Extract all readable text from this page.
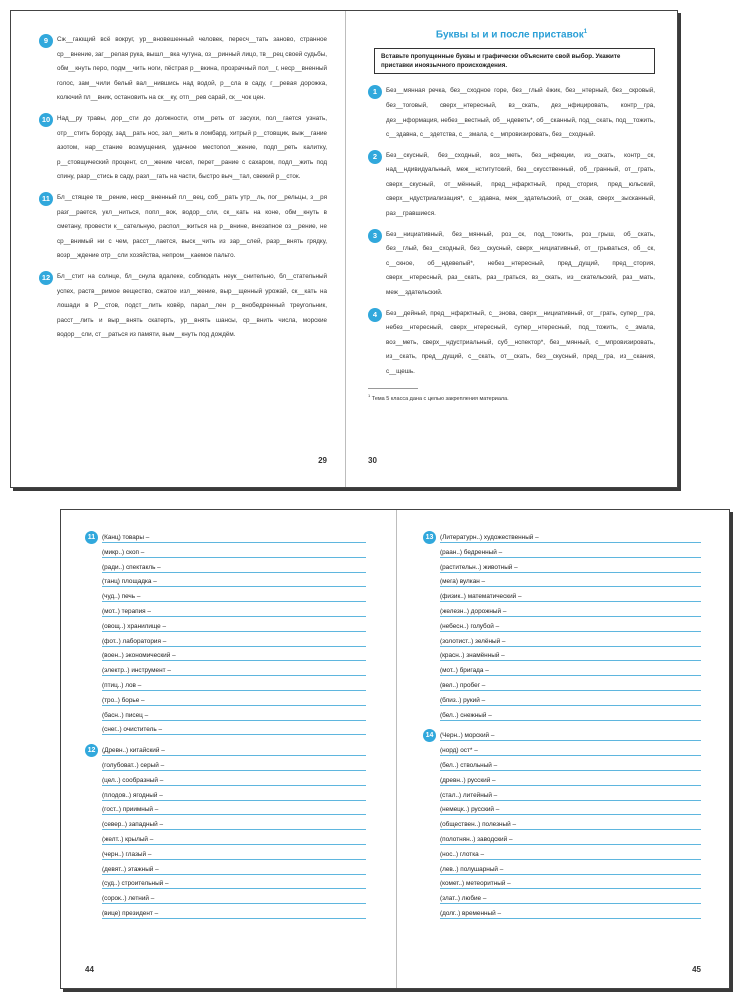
9	Сж__гающий всё вокруг, ур__вновешенный человек, пересч__тать заново, странное ср__внение, заг__релая рука, вышл__вка чутуна, оз__ринный лицо, тв__рец своей судьбы, обм__кнуть перо, подм__чить ноги, пёстрая р__вкина, прозрачный пол__г, неср__вненный голос, зам__чили белый вал__нившись над водой, р__сла в саду, г__ревая дорожка, колючий пл__вник, остановить на ск__ку, отп__рев сарай, ск__чок цен.
10	Над__ру травы, дор__сти до должности, отм__реть от засухи, пол__гается узнать, отр__стить бороду, зад__рать нос, зал__жить в ломбард, хитрый р__стовщик, выж__гание азотом, нар__стание возмущения, удачное местопол__жение, подп__реть калитку, р__стовщический процент, сл__жение чисел, перет__рание с сахаром, подл__жить под спину, разр__стись в саду, разл__гать на части, быстро выч__тал, свежий р__сток.
11	Бл__стящее тв__рение, неср__вненный пл__вец, соб__рать утр__ль, пог__рельцы, з__ря разг__рается, укл__ниться, попл__вок, водор__сли, ск__кать на коне, обм__кнуть в сметану, провести к__сательную, распол__житься на р__внине, внезапное оз__рение, не ср__внимый ни с чем, расст__лается, выск__чить из зар__слей, разр__внять грядку, возр__ждение отр__сли хозяйства, непром__каемое пальто.
12	Бл__стит на солнце, бл__снула вдалеке, соблюдать неук__снительно, бл__стательный успех, раств__римое вещество, сжатое изл__жение, выр__щенный урожай, ск__кать на лошади в Р__стов, подст__лить ковёр, парал__лен р__внобедренный треугольник, расст__лить и выр__внять скатерть, ур__внять шансы, ср__внить числа, морские водор__сли, ст__раться из памяти, вым__кнуть под дождём.
29
Буквы ы и и после приставок$^1$
Вставьте пропущенные буквы и графически объясните свой выбор. Укажите приставки иноязычного происхождения.
1	Без__мянная речка, без__сходное горе, без__глый ёжик, без__нтерный, без__скровый, без__тоговый, сверх__нтересный, вз__скать, дез__нфицировать, контр__гра, дез__нформация, небез__вестный, об__ндеветь*, об__сканный, под__скать, под__тожить, с__здавна, с__здетства, с__змала, с__мпровизировать, без__сходный.
2	Без__скусный, без__сходный, воз__меть, без__нфекции, из__скать, контр__ск, над__ндивидуальный, меж__нститутский, без__скусственный, об__гранный, от__грать, сверх__скусный, от__мённый, пред__нфарктный, пред__стория, пред__юльский, сверх__ндустриализация*, с__здавна, меж__здательский, от__скав, сверх__зысканный, раз__грaвшиеся.
3	Без__нициативный, без__мянный, роз__ск, под__тожить, роз__грыш, об__скать, без__глый, без__сходный, без__скусный, сверх__нициативный, от__грываться, об__ск, с__скное, об__ндевелый*, небез__нтересный, пред__дущий, пред__стория, сверх__нтересный, раз__скать, раз__гратьcя, вз__скать, из__скательский, раз__мать, меж__здательский.
4	Без__дейный, пред__нфарктный, с__знова, сверх__нициативный, от__грать, супер__гра, небез__нтересный, сверх__нтересный, супер__нтересный, под__тожить, с__змала, воз__меть, сверх__ндустриальный, суб__нспектор*, без__мянный, с__мпровизировать, из__скать, пред__дущий, с__скать, от__скать, без__скусный, пред__гра, из__скания, с__щешь.
$^1$ Тема 5 класса дана с целью закрепления материала.
30
11	(Канц) товары –
(микр..) скоп –
(ради..) спектакль –
(танц) площадка –
(чуд..) печь –
(мот..) терапия –
(овощ..) хранилище –
(фот..) лаборатория –
(воен..) экономический –
(электр..) инструмент –
(птиц..) лов –
(тро..) борье –
(басн..) писец –
(снег..) очиститель –
12	(Древн..) китайский –
(голубоват..) серый –
(цел..) сообразный –
(плодов..) ягодный –
(гост..) приимный –
(север..) западный –
(желт..) крылый –
(черн..) глазый –
(девят..) этажный –
(суд..) строительный –
(сорок..) летний –
(вице) президент –
44
13	(Литературн..) художественный –
(раан..) бедренный –
(растительн..) животный –
(мега) вулкан –
(физик..) математический –
(железн..) дорожный –
(небесн..) голубой –
(золотист..) зелёный –
(красн..) знамённый –
(мот..) бригада –
(вел..) пробег –
(близ..) рукий –
(бел..) снежный –
14	(Черн..) морский –
(норд) ост* –
(бел..) ствольный –
(древн..) русский –
(стал..) литейный –
(немецк..) русский –
(обществен..) полезный –
(полотнян..) заводский –
(нос..) глотка –
(лев..) полушарный –
(комет..) метеоритный –
(злат..) любие –
(долг..) временный –
45
